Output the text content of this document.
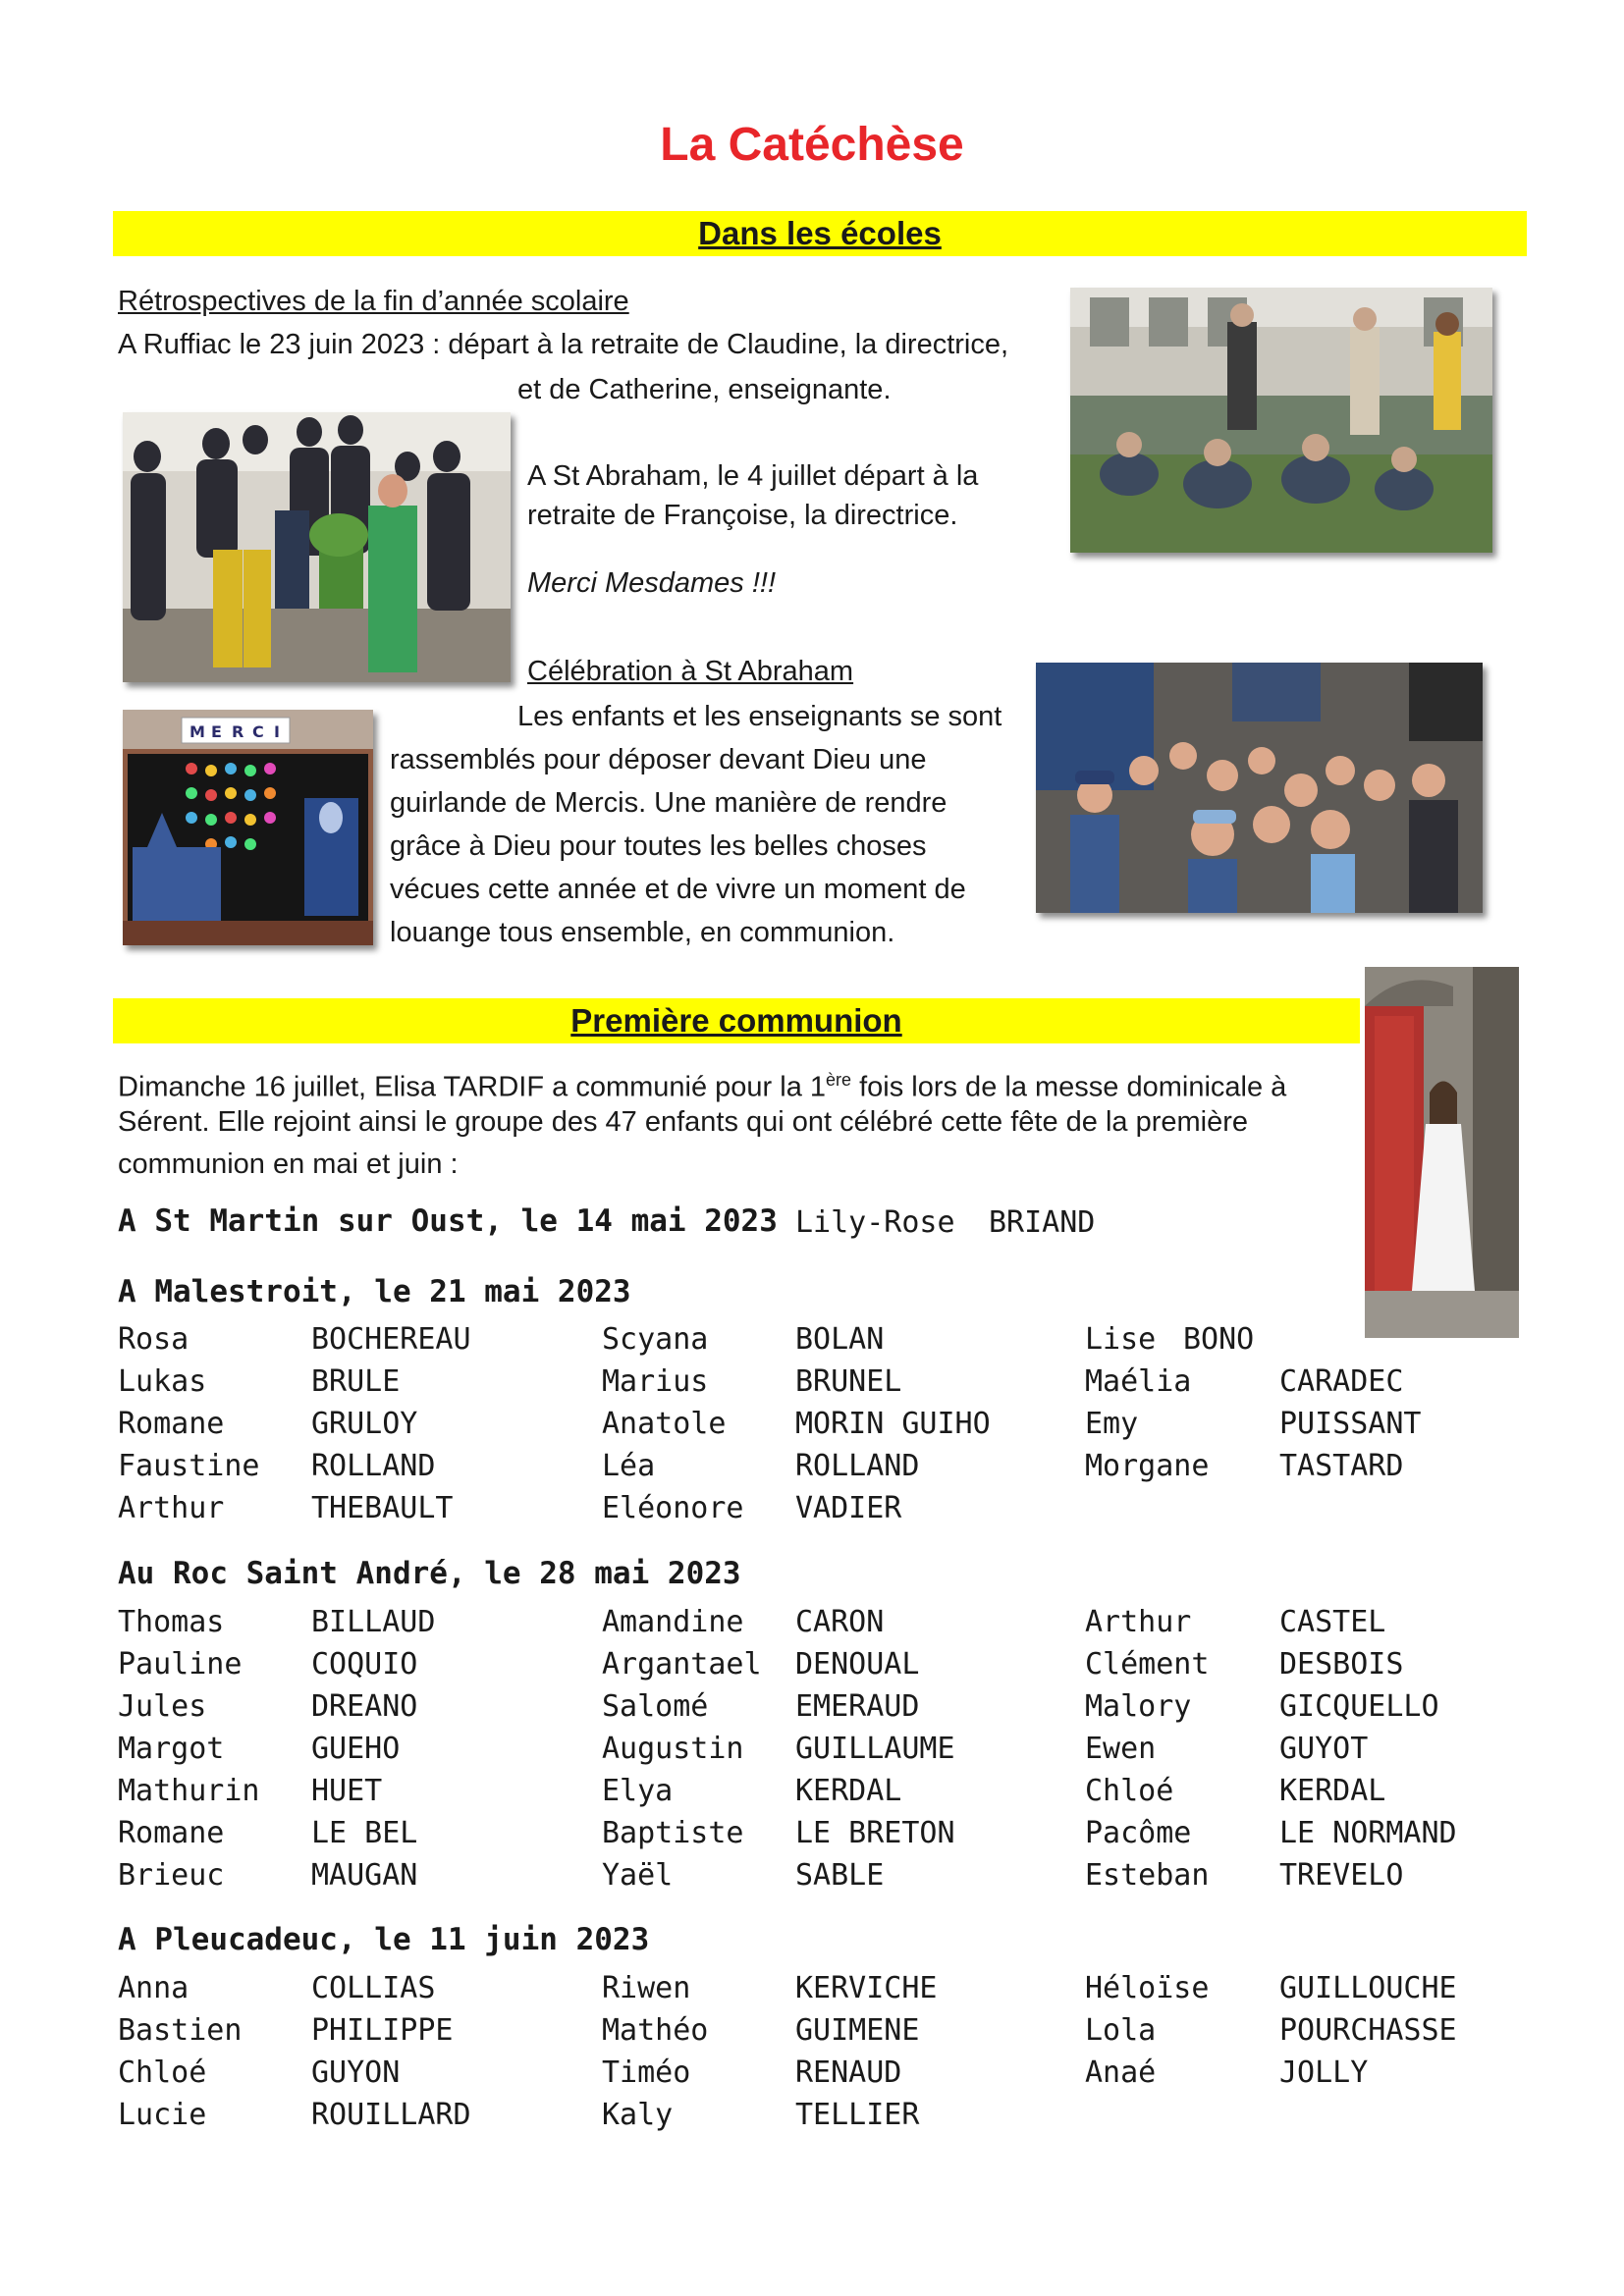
La Catéchèse
Dans les écoles
Rétrospectives de la fin d’année scolaire
A Ruffiac le 23 juin 2023 : départ à la retraite de Claudine, la directrice,
et de Catherine, enseignante.
A St Abraham, le 4 juillet départ à la
retraite de Françoise, la directrice.
Merci Mesdames !!!
Célébration à St Abraham
M E R C I	Les enfants et les enseignants se sont
rassemblés pour déposer devant Dieu une
guirlande de Mercis. Une manière de rendre
grâce à Dieu pour toutes les belles choses
vécues cette année et de vivre un moment de
louange tous ensemble, en communion.
Première communion
Dimanche 16 juillet, Elisa TARDIF a communié pour la 1ère fois lors de la messe dominicale à
Sérent. Elle rejoint ainsi le groupe des 47 enfants qui ont célébré cette fête de la première
communion en mai et juin :
A St Martin sur Oust, le 14 mai 2023 Lily-Rose BRIAND
A Malestroit, le 21 mai 2023
Rosa	BOCHEREAU	Scyana	BOLAN	Lise BONO
Lukas	BRULE	Marius	BRUNEL	Maélia	CARADEC
Romane	GRULOY	Anatole MORIN GUIHO	Emy	PUISSANT
Faustine ROLLAND	Léa	ROLLAND	Morgane TASTARD
Arthur	THEBAULT	Eléonore VADIER
Au Roc Saint André, le 28 mai 2023
Thomas	BILLAUD	Amandine CARON	Arthur	CASTEL
Pauline COQUIO	Argantael DENOUAL	Clément DESBOIS
Jules	DREANO	Salomé	EMERAUD	Malory	GICQUELLO
Margot	GUEHO	Augustin GUILLAUME	Ewen	GUYOT
Mathurin HUET	Elya	KERDAL	Chloé	KERDAL
Romane	LE BEL	Baptiste LE BRETON	Pacôme	LE NORMAND
Brieuc	MAUGAN	Yaël	SABLE	Esteban TREVELO
A Pleucadeuc, le 11 juin 2023
Anna	COLLIAS	Riwen	KERVICHE	Héloïse GUILLOUCHE
Bastien PHILIPPE	Mathéo	GUIMENE	Lola	POURCHASSE
Chloé	GUYON	Timéo	RENAUD	Anaé	JOLLY
Lucie	ROUILLARD	Kaly	TELLIER
